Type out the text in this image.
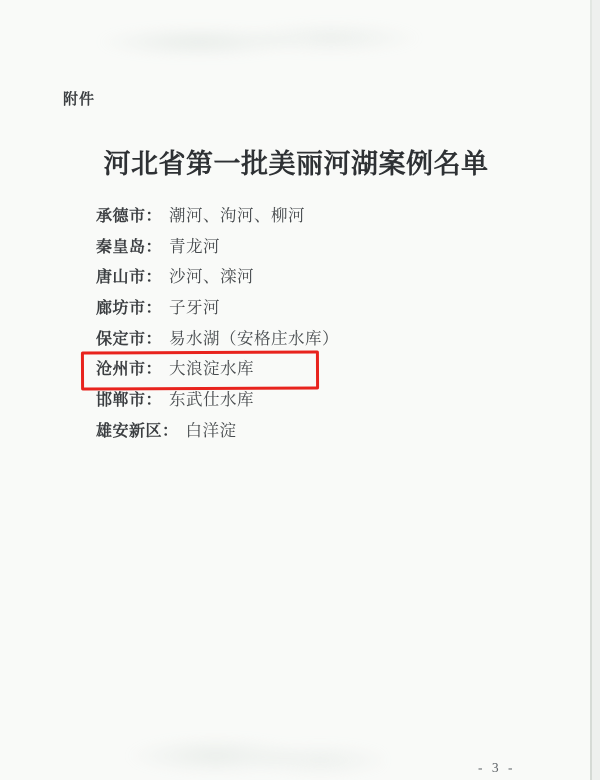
附件
河北省第一批美丽河湖案例名单
承德市： 潮河、泃河、柳河
秦皇岛： 青龙河
唐山市： 沙河、滦河
廊坊市： 子牙河
保定市： 易水湖（安格庄水库）
沧州市： 大浪淀水库
邯郸市： 东武仕水库
雄安新区： 白洋淀
- 3 -
